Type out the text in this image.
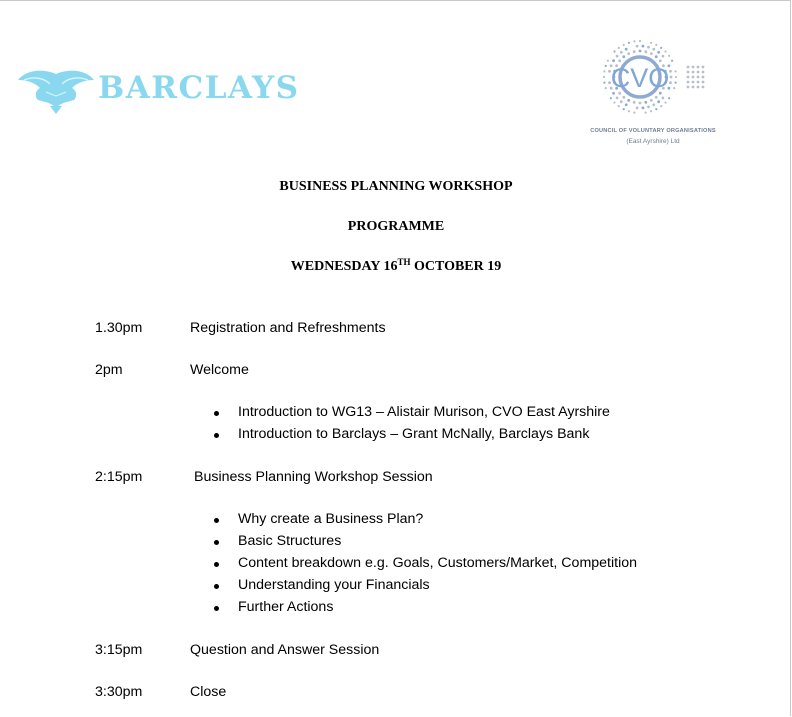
BARCLAYS	CVO
COUNCIL OF VOLUNTARY ORGANISATIONS
(East Ayrshire) Ltd
BUSINESS PLANNING WORKSHOP
PROGRAMME
WEDNESDAY 16TH OCTOBER 19
1.30pm	Registration and Refreshments
2pm	Welcome
Introduction to WG13 – Alistair Murison, CVO East Ayrshire
Introduction to Barclays – Grant McNally, Barclays Bank
2:15pm	Business Planning Workshop Session
Why create a Business Plan?
Basic Structures
Content breakdown e.g. Goals, Customers/Market, Competition
Understanding your Financials
Further Actions
3:15pm	Question and Answer Session
3:30pm	Close
